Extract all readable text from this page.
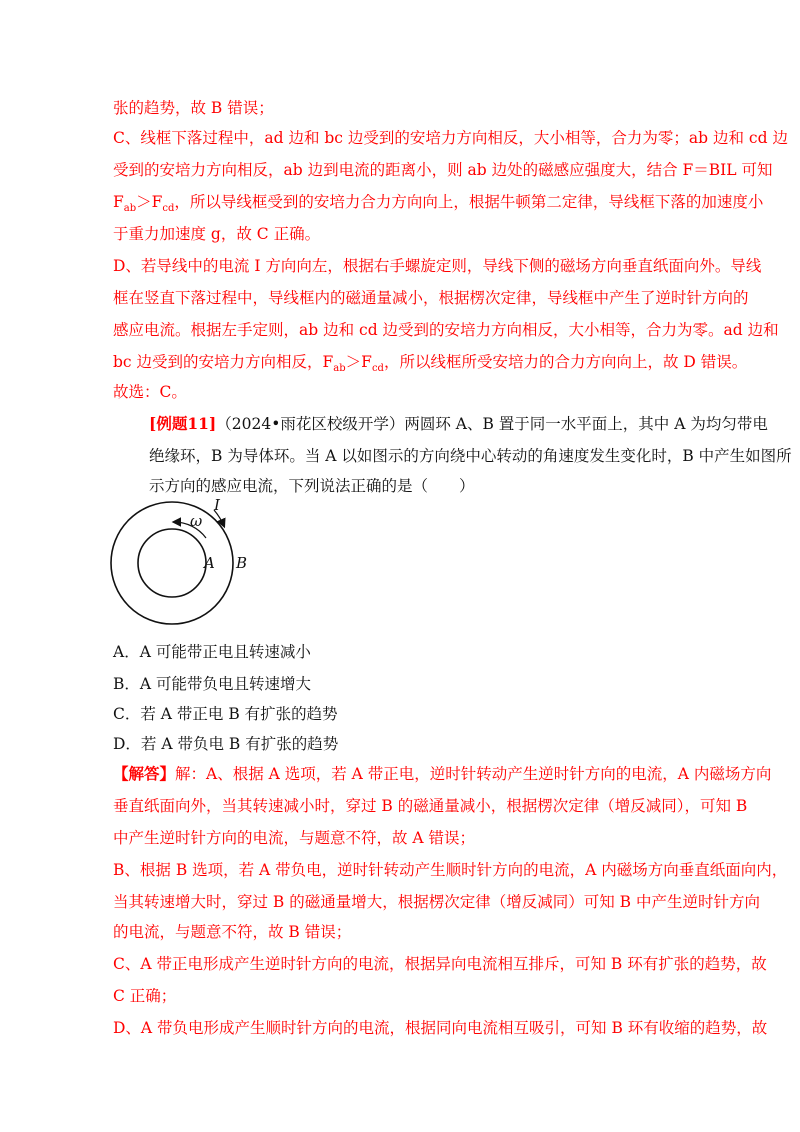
张的趋势，故 B 错误；
C、线框下落过程中，ad 边和 bc 边受到的安培力方向相反，大小相等，合力为零；ab 边和 cd 边
受到的安培力方向相反，ab 边到电流的距离小，则 ab 边处的磁感应强度大，结合 F＝BIL 可知
$F_{ab}>F_{cd}$，所以导线框受到的安培力合力方向向上，根据牛顿第二定律，导线框下落的加速度小
于重力加速度 g，故 C 正确。
D、若导线中的电流 I 方向向左，根据右手螺旋定则，导线下侧的磁场方向垂直纸面向外。导线
框在竖直下落过程中，导线框内的磁通量减小，根据楞次定律，导线框中产生了逆时针方向的
感应电流。根据左手定则，ab 边和 cd 边受到的安培力方向相反，大小相等，合力为零。ad 边和
bc 边受到的安培力方向相反，$F_{ab}>F_{cd}$，所以线框所受安培力的合力方向向上，故 D 错误。
故选：C。
[例题11]（2024•雨花区校级开学）两圆环 A、B 置于同一水平面上，其中 A 为均匀带电
绝缘环，B 为导体环。当 A 以如图示的方向绕中心转动的角速度发生变化时，B 中产生如图所
示方向的感应电流，下列说法正确的是（　　）
ω
I
A B
A．A 可能带正电且转速减小
B．A 可能带负电且转速增大
C．若 A 带正电 B 有扩张的趋势
D．若 A 带负电 B 有扩张的趋势
【解答】解：A、根据 A 选项，若 A 带正电，逆时针转动产生逆时针方向的电流，A 内磁场方向
垂直纸面向外，当其转速减小时，穿过 B 的磁通量减小，根据楞次定律（增反减同），可知 B
中产生逆时针方向的电流，与题意不符，故 A 错误；
B、根据 B 选项，若 A 带负电，逆时针转动产生顺时针方向的电流，A 内磁场方向垂直纸面向内，
当其转速增大时，穿过 B 的磁通量增大，根据楞次定律（增反减同）可知 B 中产生逆时针方向
的电流，与题意不符，故 B 错误；
C、A 带正电形成产生逆时针方向的电流，根据异向电流相互排斥，可知 B 环有扩张的趋势，故
C 正确；
D、A 带负电形成产生顺时针方向的电流，根据同向电流相互吸引，可知 B 环有收缩的趋势，故
